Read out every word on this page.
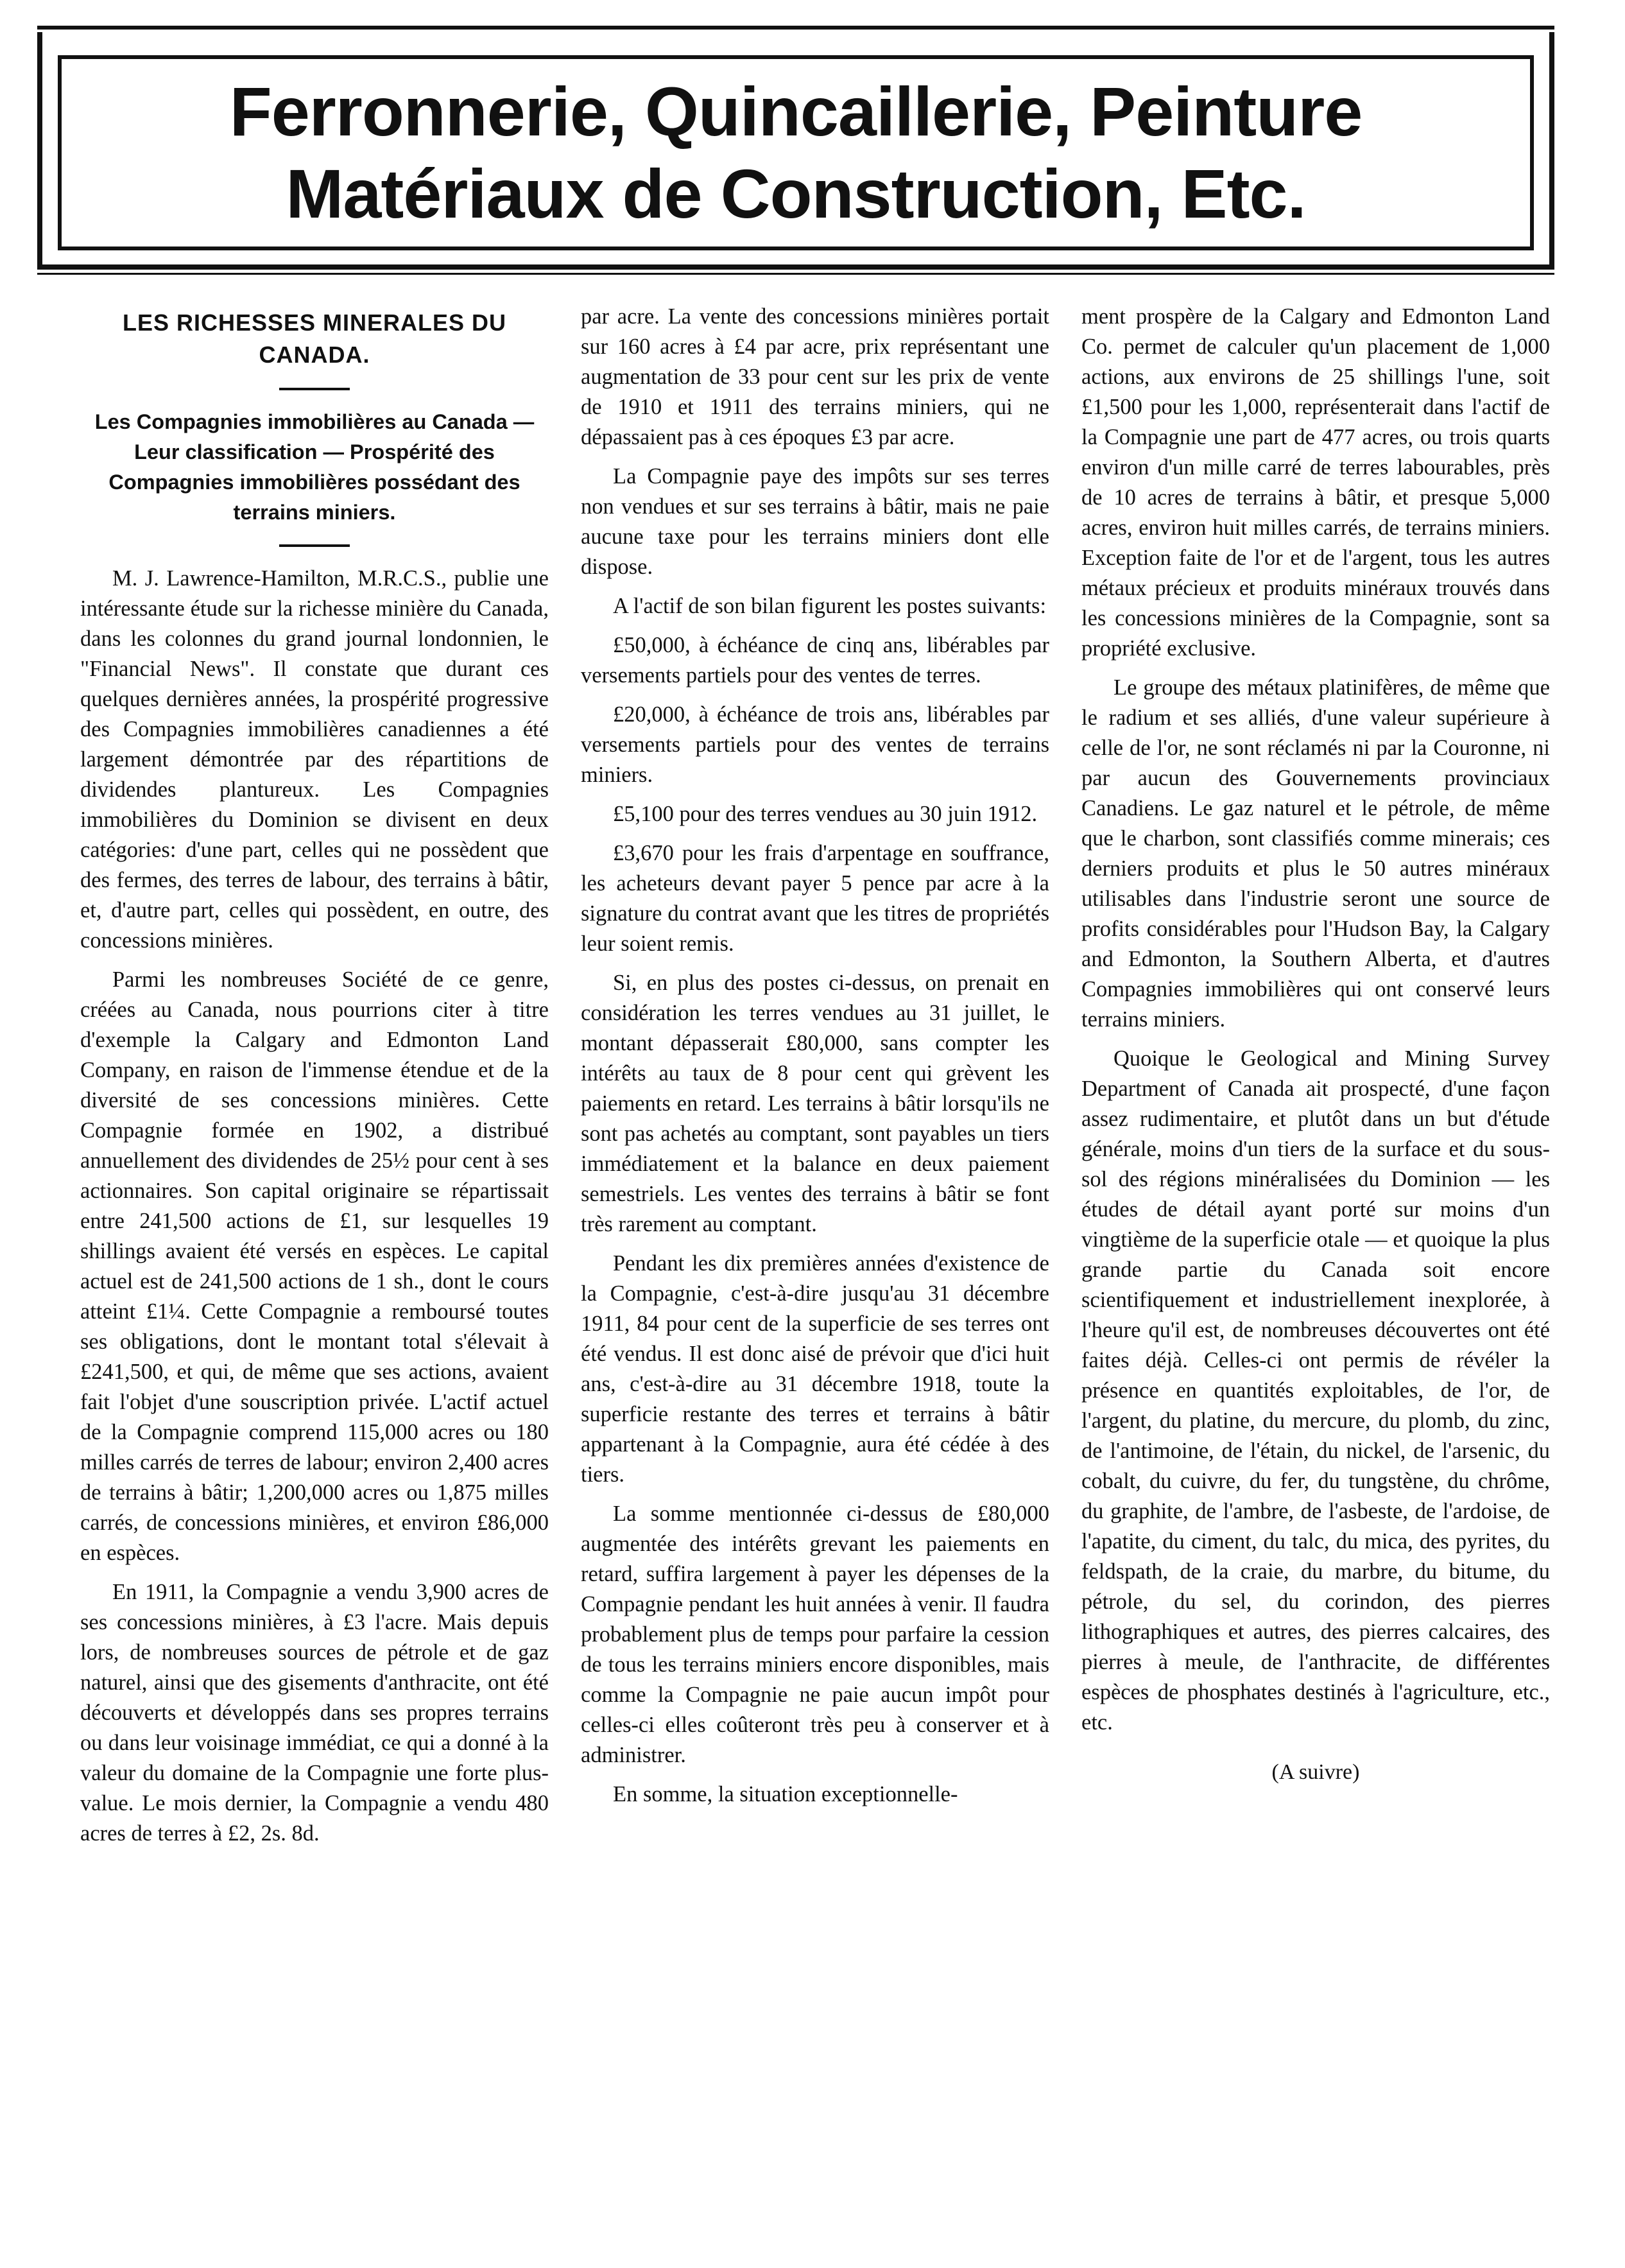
Ferronnerie, Quincaillerie, Peinture
Matériaux de Construction, Etc.
LES RICHESSES MINERALES DU CANADA.
Les Compagnies immobilières au Canada — Leur classification — Prospérité des Compagnies immobilières possédant des terrains miniers.

M. J. Lawrence-Hamilton, M.R.C.S., publie une intéressante étude sur la richesse minière du Canada, dans les colonnes du grand journal londonnien, le "Financial News". Il constate que durant ces quelques dernières années, la prospérité progressive des Compagnies immobilières canadiennes a été largement démontrée par des répartitions de dividendes plantureux. Les Compagnies immobilières du Dominion se divisent en deux catégories: d'une part, celles qui ne possèdent que des fermes, des terres de labour, des terrains à bâtir, et, d'autre part, celles qui possèdent, en outre, des concessions minières.

Parmi les nombreuses Société de ce genre, créées au Canada, nous pourrions citer à titre d'exemple la Calgary and Edmonton Land Company, en raison de l'immense étendue et de la diversité de ses concessions minières. Cette Compagnie formée en 1902, a distribué annuellement des dividendes de 25½ pour cent à ses actionnaires. Son capital originaire se répartissait entre 241,500 actions de £1, sur lesquelles 19 shillings avaient été versés en espèces. Le capital actuel est de 241,500 actions de 1 sh., dont le cours atteint £1¼. Cette Compagnie a remboursé toutes ses obligations, dont le montant total s'élevait à £241,500, et qui, de même que ses actions, avaient fait l'objet d'une souscription privée. L'actif actuel de la Compagnie comprend 115,000 acres ou 180 milles carrés de terres de labour; environ 2,400 acres de terrains à bâtir; 1,200,000 acres ou 1,875 milles carrés, de concessions minières, et environ £86,000 en espèces.

En 1911, la Compagnie a vendu 3,900 acres de ses concessions minières, à £3 l'acre. Mais depuis lors, de nombreuses sources de pétrole et de gaz naturel, ainsi que des gisements d'anthracite, ont été découverts et développés dans ses propres terrains ou dans leur voisinage immédiat, ce qui a donné à la valeur du domaine de la Compagnie une forte plus-value. Le mois dernier, la Compagnie a vendu 480 acres de terres à £2, 2s. 8d.

par acre. La vente des concessions minières portait sur 160 acres à £4 par acre, prix représentant une augmentation de 33 pour cent sur les prix de vente de 1910 et 1911 des terrains miniers, qui ne dépassaient pas à ces époques £3 par acre.

La Compagnie paye des impôts sur ses terres non vendues et sur ses terrains à bâtir, mais ne paie aucune taxe pour les terrains miniers dont elle dispose.

A l'actif de son bilan figurent les postes suivants:

£50,000, à échéance de cinq ans, libérables par versements partiels pour des ventes de terres.

£20,000, à échéance de trois ans, libérables par versements partiels pour des ventes de terrains miniers.

£5,100 pour des terres vendues au 30 juin 1912.

£3,670 pour les frais d'arpentage en souffrance, les acheteurs devant payer 5 pence par acre à la signature du contrat avant que les titres de propriétés leur soient remis.

Si, en plus des postes ci-dessus, on prenait en considération les terres vendues au 31 juillet, le montant dépasserait £80,000, sans compter les intérêts au taux de 8 pour cent qui grèvent les paiements en retard. Les terrains à bâtir lorsqu'ils ne sont pas achetés au comptant, sont payables un tiers immédiatement et la balance en deux paiement semestriels. Les ventes des terrains à bâtir se font très rarement au comptant.

Pendant les dix premières années d'existence de la Compagnie, c'est-à-dire jusqu'au 31 décembre 1911, 84 pour cent de la superficie de ses terres ont été vendus. Il est donc aisé de prévoir que d'ici huit ans, c'est-à-dire au 31 décembre 1918, toute la superficie restante des terres et terrains à bâtir appartenant à la Compagnie, aura été cédée à des tiers.

La somme mentionnée ci-dessus de £80,000 augmentée des intérêts grevant les paiements en retard, suffira largement à payer les dépenses de la Compagnie pendant les huit années à venir. Il faudra probablement plus de temps pour parfaire la cession de tous les terrains miniers encore disponibles, mais comme la Compagnie ne paie aucun impôt pour celles-ci elles coûteront très peu à conserver et à administrer.

En somme, la situation exceptionnelle-

ment prospère de la Calgary and Edmonton Land Co. permet de calculer qu'un placement de 1,000 actions, aux environs de 25 shillings l'une, soit £1,500 pour les 1,000, représenterait dans l'actif de la Compagnie une part de 477 acres, ou trois quarts environ d'un mille carré de terres labourables, près de 10 acres de terrains à bâtir, et presque 5,000 acres, environ huit milles carrés, de terrains miniers. Exception faite de l'or et de l'argent, tous les autres métaux précieux et produits minéraux trouvés dans les concessions minières de la Compagnie, sont sa propriété exclusive.

Le groupe des métaux platinifères, de même que le radium et ses alliés, d'une valeur supérieure à celle de l'or, ne sont réclamés ni par la Couronne, ni par aucun des Gouvernements provinciaux Canadiens. Le gaz naturel et le pétrole, de même que le charbon, sont classifiés comme minerais; ces derniers produits et plus le 50 autres minéraux utilisables dans l'industrie seront une source de profits considérables pour l'Hudson Bay, la Calgary and Edmonton, la Southern Alberta, et d'autres Compagnies immobilières qui ont conservé leurs terrains miniers.

Quoique le Geological and Mining Survey Department of Canada ait prospecté, d'une façon assez rudimentaire, et plutôt dans un but d'étude générale, moins d'un tiers de la surface et du sous-sol des régions minéralisées du Dominion — les études de détail ayant porté sur moins d'un vingtième de la superficie otale — et quoique la plus grande partie du Canada soit encore scientifiquement et industriellement inexplorée, à l'heure qu'il est, de nombreuses découvertes ont été faites déjà. Celles-ci ont permis de révéler la présence en quantités exploitables, de l'or, de l'argent, du platine, du mercure, du plomb, du zinc, de l'antimoine, de l'étain, du nickel, de l'arsenic, du cobalt, du cuivre, du fer, du tungstène, du chrôme, du graphite, de l'ambre, de l'asbeste, de l'ardoise, de l'apatite, du ciment, du talc, du mica, des pyrites, du feldspath, de la craie, du marbre, du bitume, du pétrole, du sel, du corindon, des pierres lithographiques et autres, des pierres calcaires, des pierres à meule, de l'anthracite, de différentes espèces de phosphates destinés à l'agriculture, etc., etc.

(A suivre)
